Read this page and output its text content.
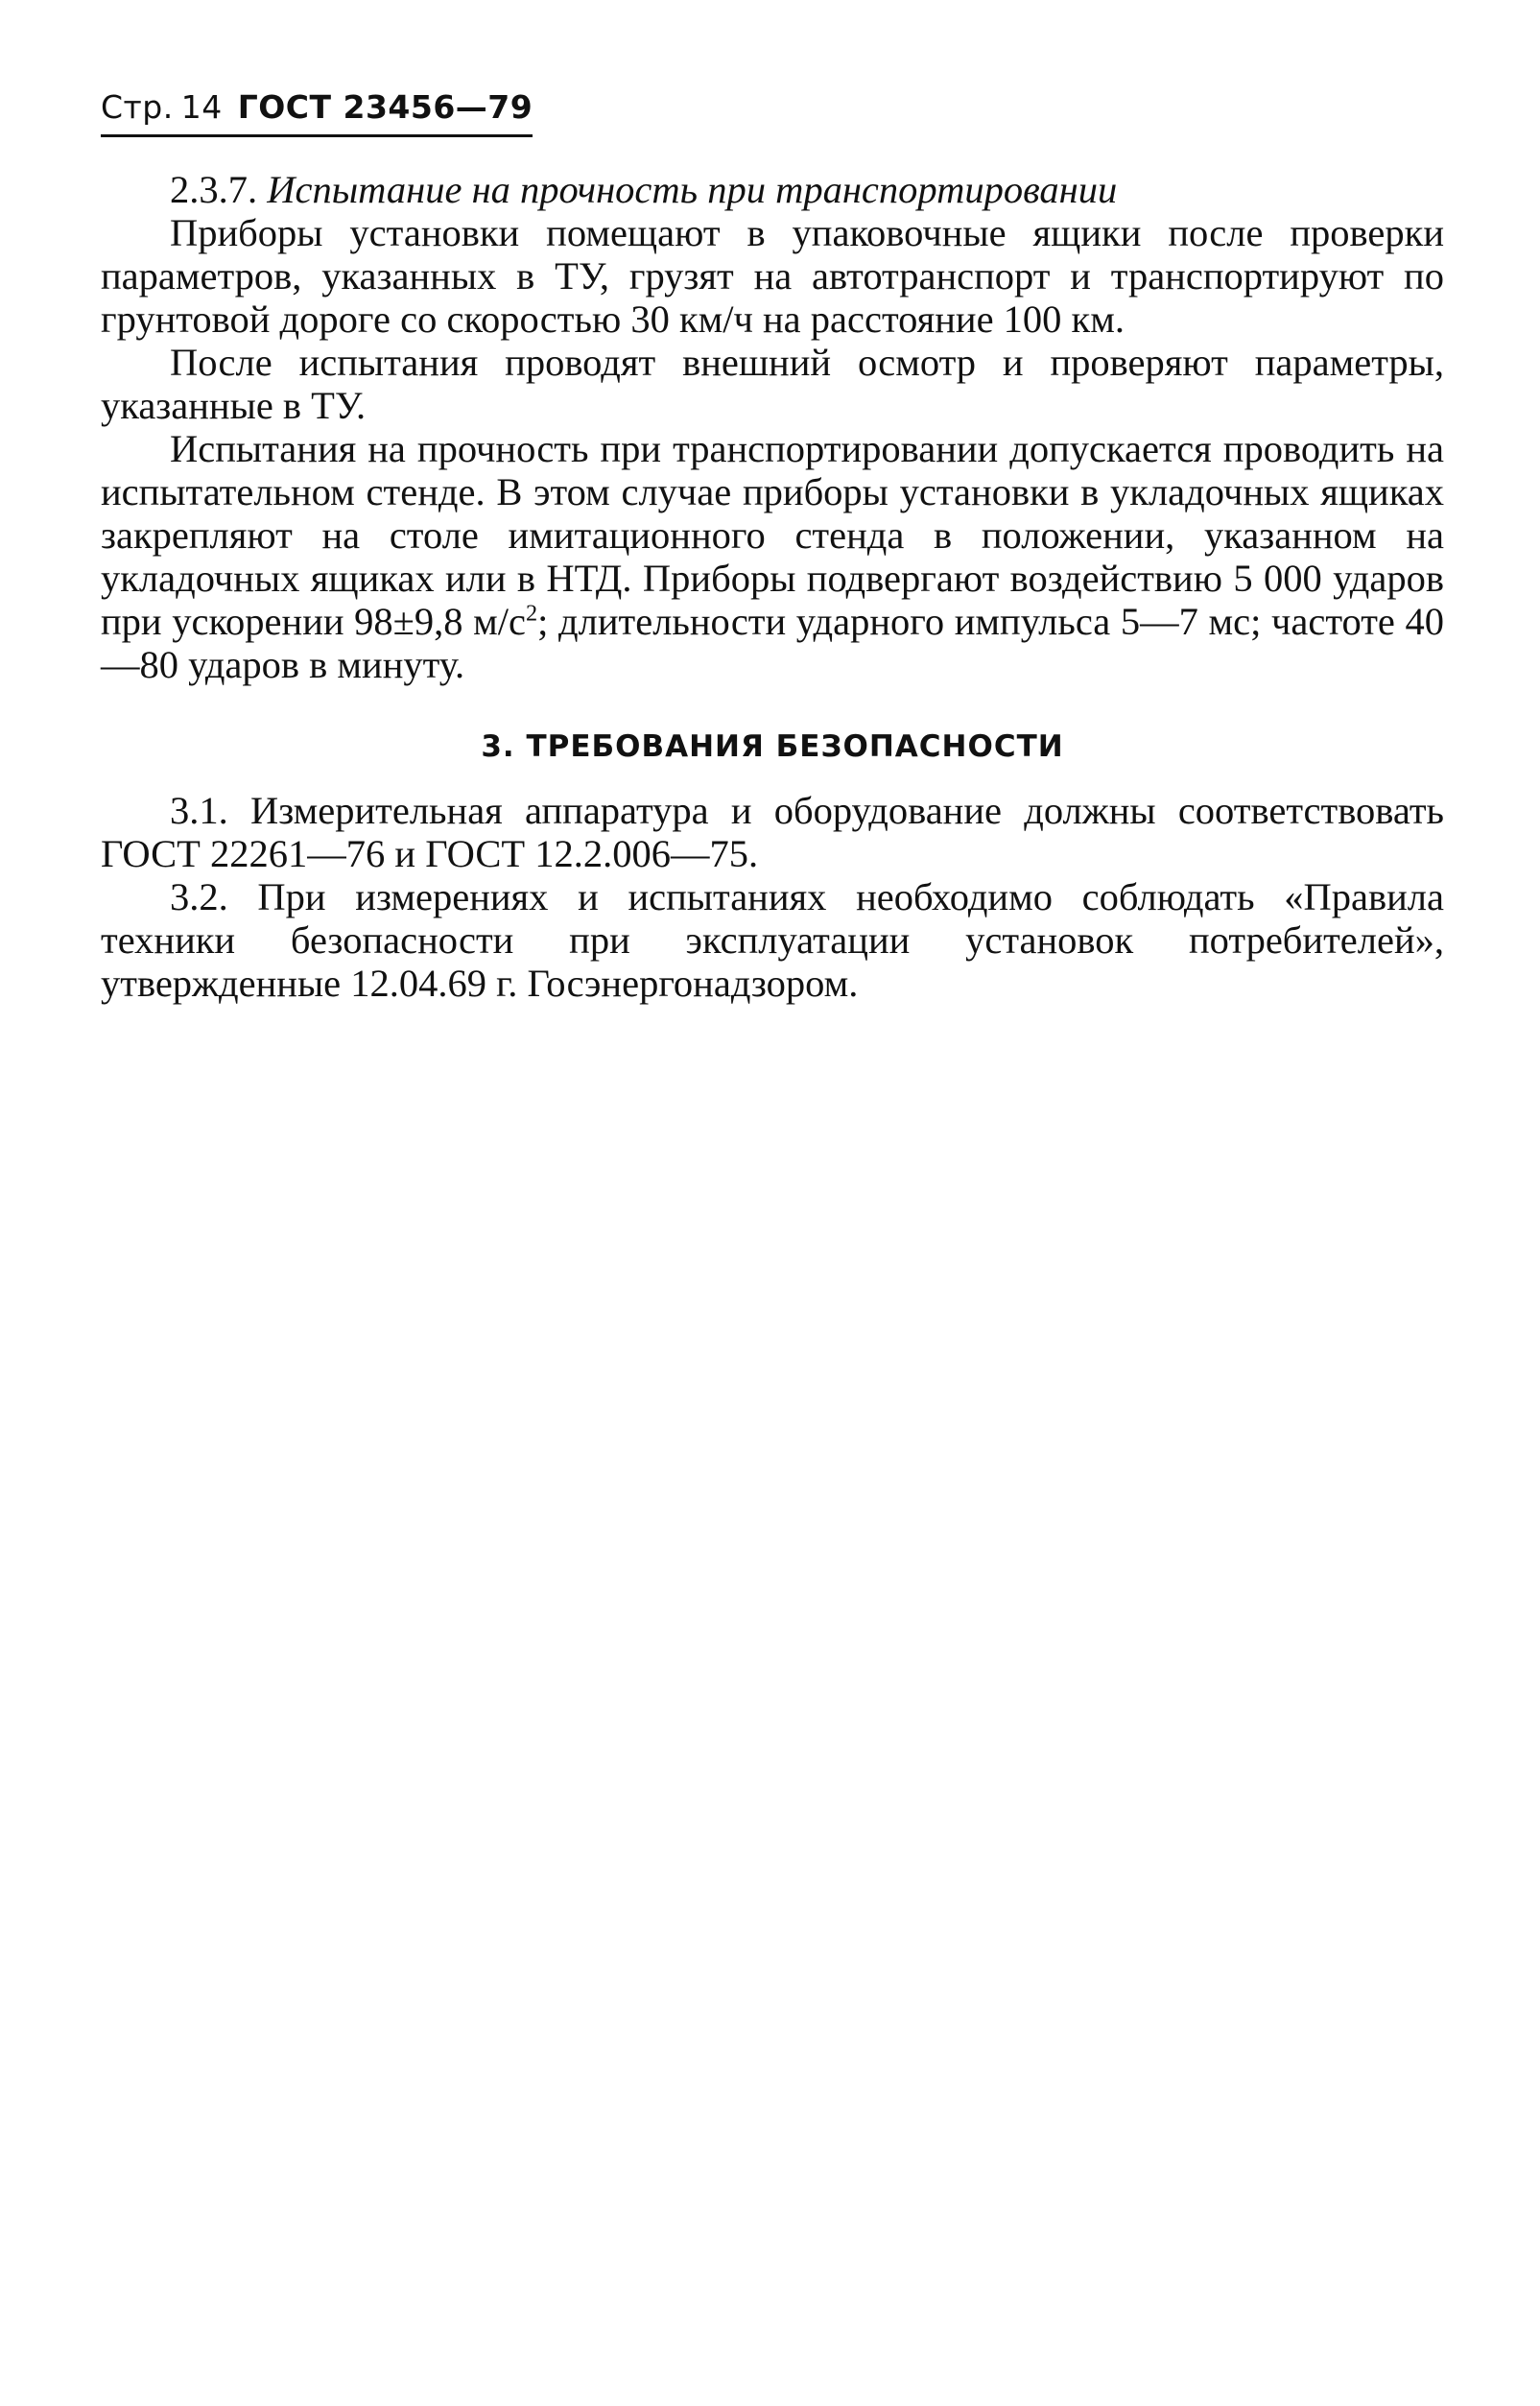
Стр. 14 ГОСТ 23456—79

2.3.7. Испытание на прочность при транспортировании

Приборы установки помещают в упаковочные ящики после проверки параметров, указанных в ТУ, грузят на автотранспорт и транспортируют по грунтовой дороге со скоростью 30 км/ч на расстояние 100 км.

После испытания проводят внешний осмотр и проверяют параметры, указанные в ТУ.

Испытания на прочность при транспортировании допускается проводить на испытательном стенде. В этом случае приборы установки в укладочных ящиках закрепляют на столе имитационного стенда в положении, указанном на укладочных ящиках или в НТД. Приборы подвергают воздействию 5 000 ударов при ускорении 98±9,8 $м/с^2$; длительности ударного импульса 5—7 мс; частоте 40—80 ударов в минуту.

3. ТРЕБОВАНИЯ БЕЗОПАСНОСТИ

3.1. Измерительная аппаратура и оборудование должны соответствовать ГОСТ 22261—76 и ГОСТ 12.2.006—75.

3.2. При измерениях и испытаниях необходимо соблюдать «Правила техники безопасности при эксплуатации установок потребителей», утвержденные 12.04.69 г. Госэнергонадзором.
